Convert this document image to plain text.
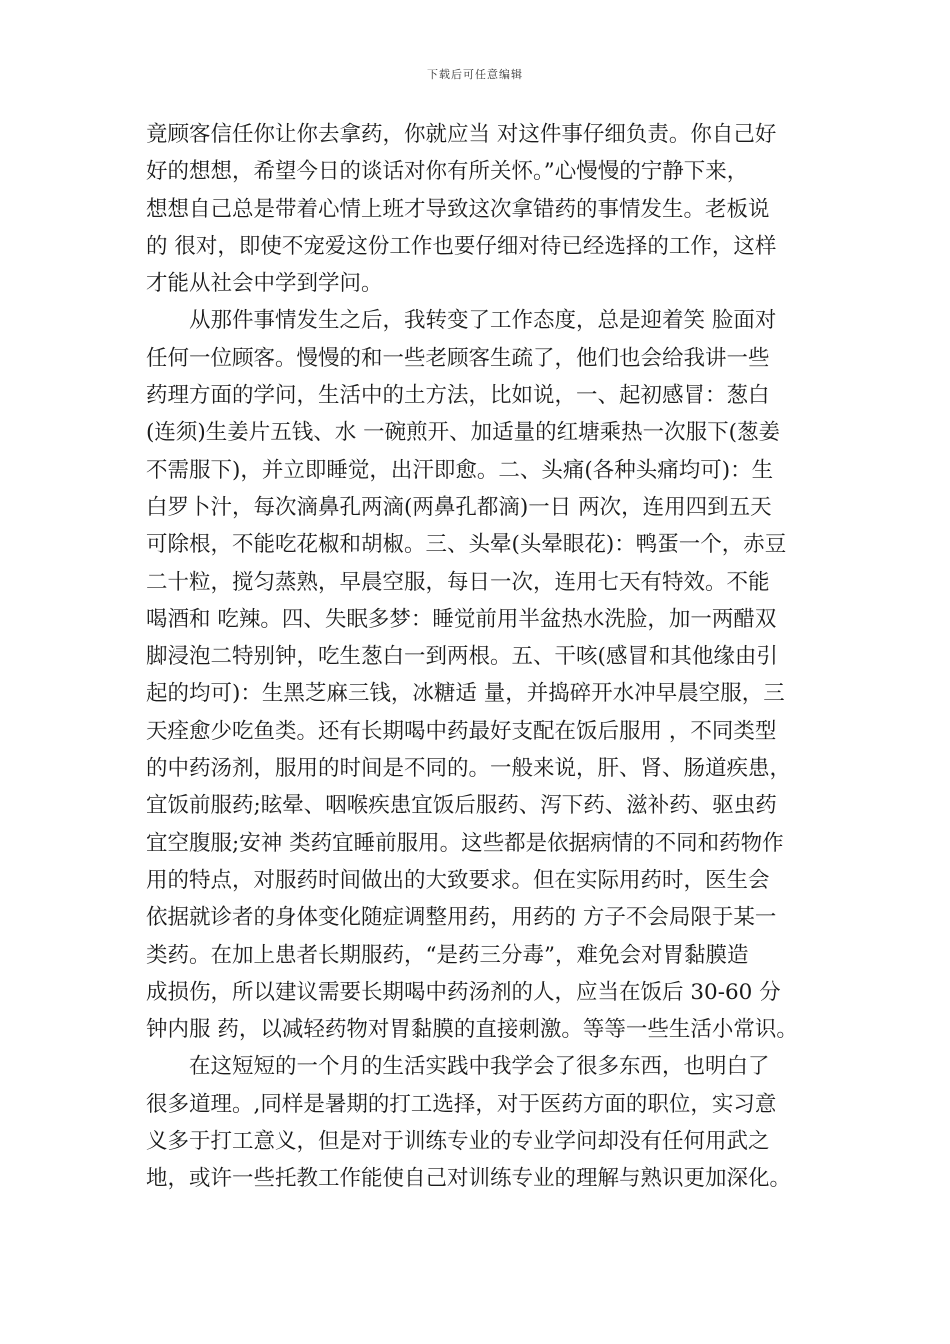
下载后可任意编辑
竟顾客信任你让你去拿药，你就应当 对这件事仔细负责。你自己好
好的想想，希望今日的谈话对你有所关怀。”心慢慢的宁静下来，
想想自己总是带着心情上班才导致这次拿错药的事情发生。老板说
的 很对，即使不宠爱这份工作也要仔细对待已经选择的工作，这样
才能从社会中学到学问。
从那件事情发生之后，我转变了工作态度，总是迎着笑 脸面对
任何一位顾客。慢慢的和一些老顾客生疏了，他们也会给我讲一些
药理方面的学问，生活中的土方法，比如说，一、起初感冒：葱白
(连须)生姜片五钱、水 一碗煎开、加适量的红塘乘热一次服下(葱姜
不需服下)，并立即睡觉，出汗即愈。二、头痛(各种头痛均可)：生
白罗卜汁，每次滴鼻孔两滴(两鼻孔都滴)一日 两次，连用四到五天
可除根，不能吃花椒和胡椒。三、头晕(头晕眼花)：鸭蛋一个，赤豆
二十粒，搅匀蒸熟，早晨空服，每日一次，连用七天有特效。不能
喝酒和 吃辣。四、失眠多梦：睡觉前用半盆热水洗脸，加一两醋双
脚浸泡二特别钟，吃生葱白一到两根。五、干咳(感冒和其他缘由引
起的均可)：生黑芝麻三钱，冰糖适 量，并捣碎开水冲早晨空服，三
天痊愈少吃鱼类。还有长期喝中药最好支配在饭后服用 ，不同类型
的中药汤剂，服用的时间是不同的。一般来说，肝、肾、肠道疾患，
宜饭前服药;眩晕、咽喉疾患宜饭后服药、泻下药、滋补药、驱虫药
宜空腹服;安神 类药宜睡前服用。这些都是依据病情的不同和药物作
用的特点，对服药时间做出的大致要求。但在实际用药时，医生会
依据就诊者的身体变化随症调整用药，用药的 方子不会局限于某一
类药。在加上患者长期服药，“是药三分毒”，难免会对胃黏膜造
成损伤，所以建议需要长期喝中药汤剂的人，应当在饭后 30-60 分
钟内服 药，以减轻药物对胃黏膜的直接刺激。等等一些生活小常识。
在这短短的一个月的生活实践中我学会了很多东西，也明白了
很多道理。,同样是暑期的打工选择，对于医药方面的职位，实习意
义多于打工意义，但是对于训练专业的专业学问却没有任何用武之
地，或许一些托教工作能使自己对训练专业的理解与熟识更加深化。
